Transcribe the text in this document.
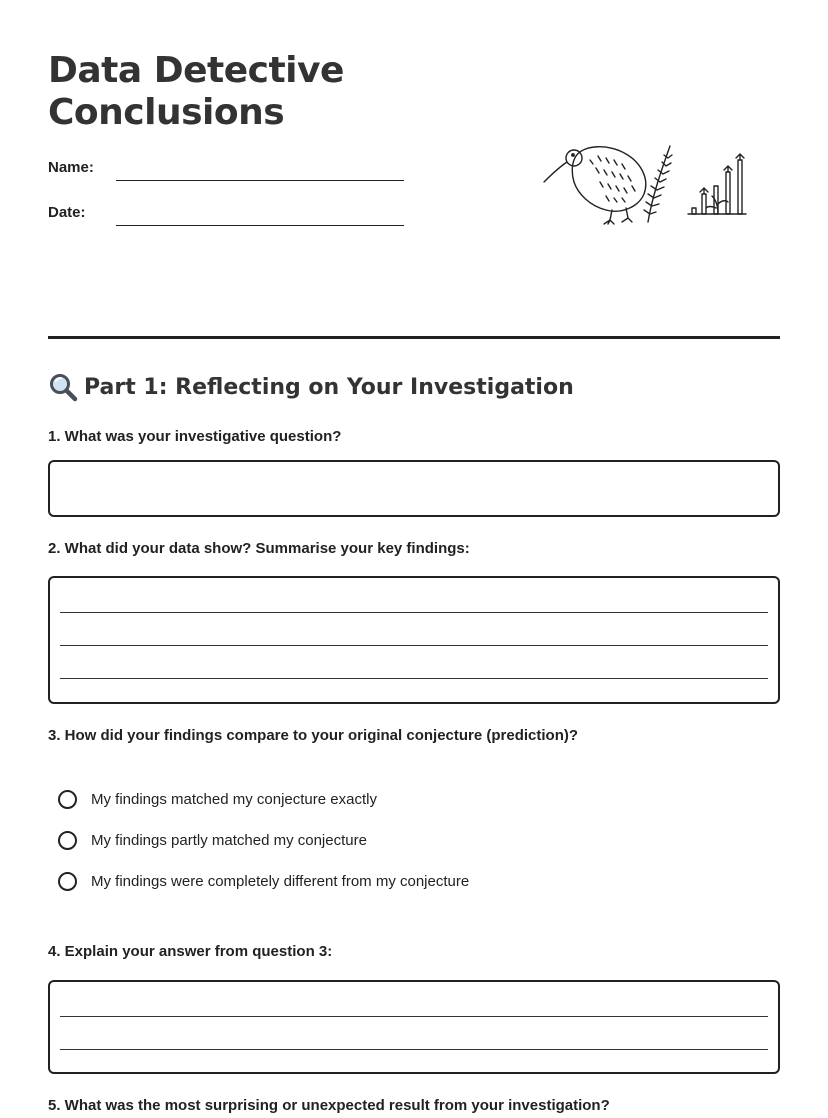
Data Detective
Conclusions
Name:
Date:
Part 1: Reflecting on Your Investigation
1. What was your investigative question?
2. What did your data show? Summarise your key findings:
3. How did your findings compare to your original conjecture (prediction)?
My findings matched my conjecture exactly
My findings partly matched my conjecture
My findings were completely different from my conjecture
4. Explain your answer from question 3:
5. What was the most surprising or unexpected result from your investigation?
